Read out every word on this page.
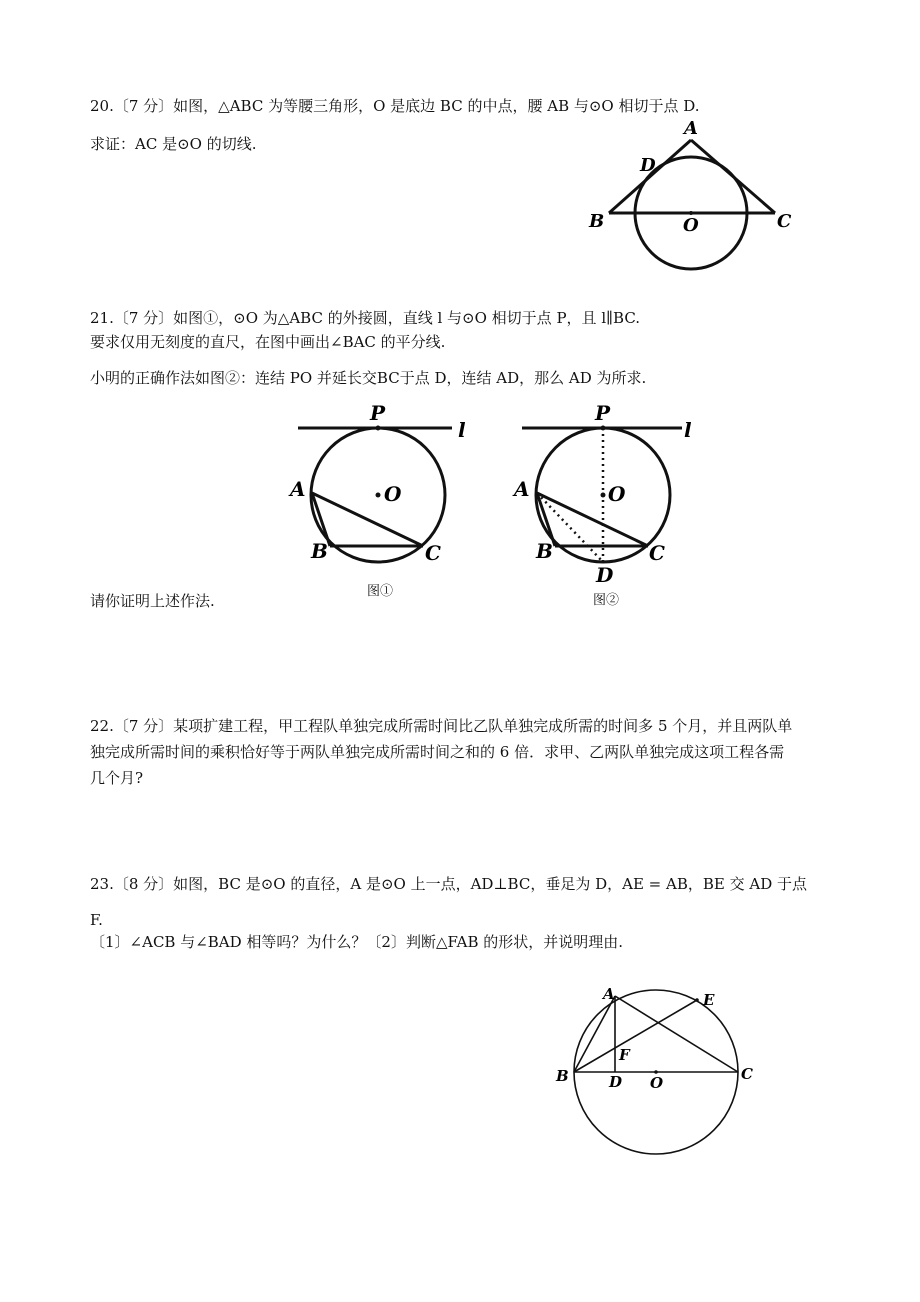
20.〔7 分〕如图，△ABC 为等腰三角形，O 是底边 BC 的中点，腰 AB 与⊙O 相切于点 D.
求证：AC 是⊙O 的切线.
A
D
B	O	C
21.〔7 分〕如图①，⊙O 为△ABC 的外接圆，直线 l 与⊙O 相切于点 P，且 l∥BC.
要求仅用无刻度的直尺，在图中画出∠BAC 的平分线.
小明的正确作法如图②：连结 PO 并延长交BC于点 D，连结 AD，那么 AD 为所求.
P
l
A	O
B	C
图①
P
l
A	O
B	C
D
图②
请你证明上述作法.
22.〔7 分〕某项扩建工程，甲工程队单独完成所需时间比乙队单独完成所需的时间多 5 个月，并且两队单
独完成所需时间的乘积恰好等于两队单独完成所需时间之和的 6 倍．求甲、乙两队单独完成这项工程各需
几个月?
23.〔8 分〕如图，BC 是⊙O 的直径，A 是⊙O 上一点，AD⊥BC，垂足为 D，AE = AB，BE 交 AD 于点
F.
〔1〕∠ACB 与∠BAD 相等吗？为什么？〔2〕判断△FAB 的形状，并说明理由.
A	E
F
B	D O	C
